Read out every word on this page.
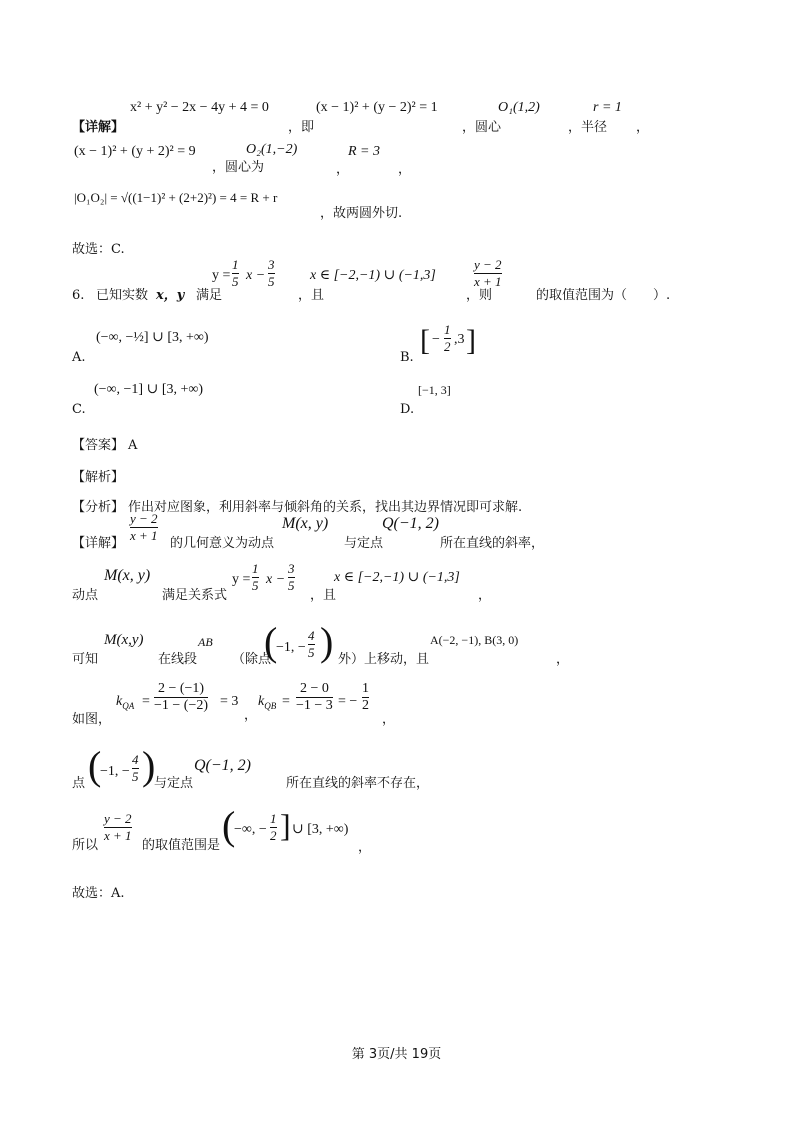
x² + y² − 2x − 4y + 4 = 0	(x − 1)² + (y − 2)² = 1	O₁(1,2)	r = 1
【详解】	，即	，圆心	，半径 ，
(x − 1)² + (y + 2)² = 9	O₂(1,−2)	R = 3
，圆心为	，	，
|O₁O₂| = √((1−1)² + (2+2)²) = 4 = R + r
，故两圆外切.
故选：C.
y =
1
5 x −
3
5	x ∈ [−2,−1) ∪ (−1,3]
y − 2
x + 1
6. 已知实数 x，y 满足	，且	，则	的取值范围为（　　）.
(−∞, −½] ∪ [3, +∞)
A.
[ −
1
2 ,3 ]
B.
(−∞, −1] ∪ [3, +∞)
C.
[−1, 3]
D.
【答案】 A
【解析】
【分析】 作出对应图象，利用斜率与倾斜角的关系，找出其边界情况即可求解.
y − 2
x + 1
M(x, y)	Q(−1, 2)
【详解】	的几何意义为动点	与定点	所在直线的斜率，
M(x, y)	y =
1
5 x −
3
5
x ∈ [−2,−1) ∪ (−1,3]
动点	满足关系式	，且	，
M(x,y)	AB (
−1, −
4
5 )	A(−2, −1), B(3, 0)
可知	在线段	（除点	外）上移动，且	，
$k_{QA}$ =
2 − (−1)
−1 − (−2) = 3
，
$k_{QB}$ =
2 − 0
−1 − 3 = −
1
2
如图，	，
(
−1, −
4
5 ) Q(−1, 2)
点	与定点	所在直线的斜率不存在，
y − 2
x + 1 (
−∞, −
1
2 ] ∪ [3, +∞)
所以	的取值范围是	，
故选：A.
第 3页/共 19页
